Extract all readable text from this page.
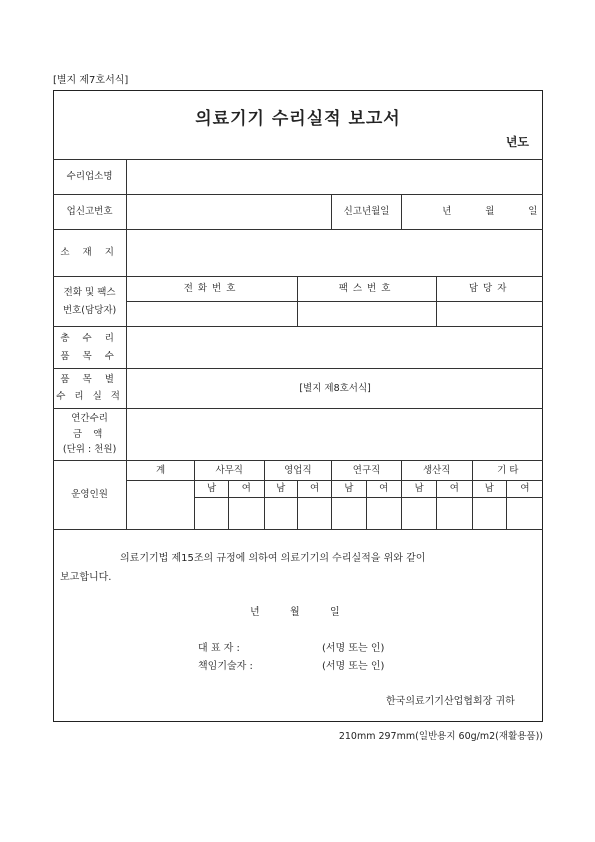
[별지 제7호서식]
의료기기 수리실적 보고서
년도
수리업소명											
업신고번호						신고년월일		년 월 일			
소 재 지											

전화 및 팩스
번호(담당자)	전화번호				팩스번호				담당자		

총 수 리
품 목 수											

품 목 별
수 리 실 적	[별지 제8호서식]										

연간수리
금 액
(단위 : 천원)											

운영인원	계	사무직		영업직		연구직		생산직		기 타	
		남	여	남	여	남	여	남	여	남	여

의료기기법 제15조의 규정에 의하여 의료기기의 수리실적을 위와 같이
보고합니다.
년	월	일
대 표 자 :	(서명 또는 인)
책임기술자 :	(서명 또는 인)
한국의료기기산업협회장 귀하
210mm 297mm(일반용지 60g/m2(재활용품))
